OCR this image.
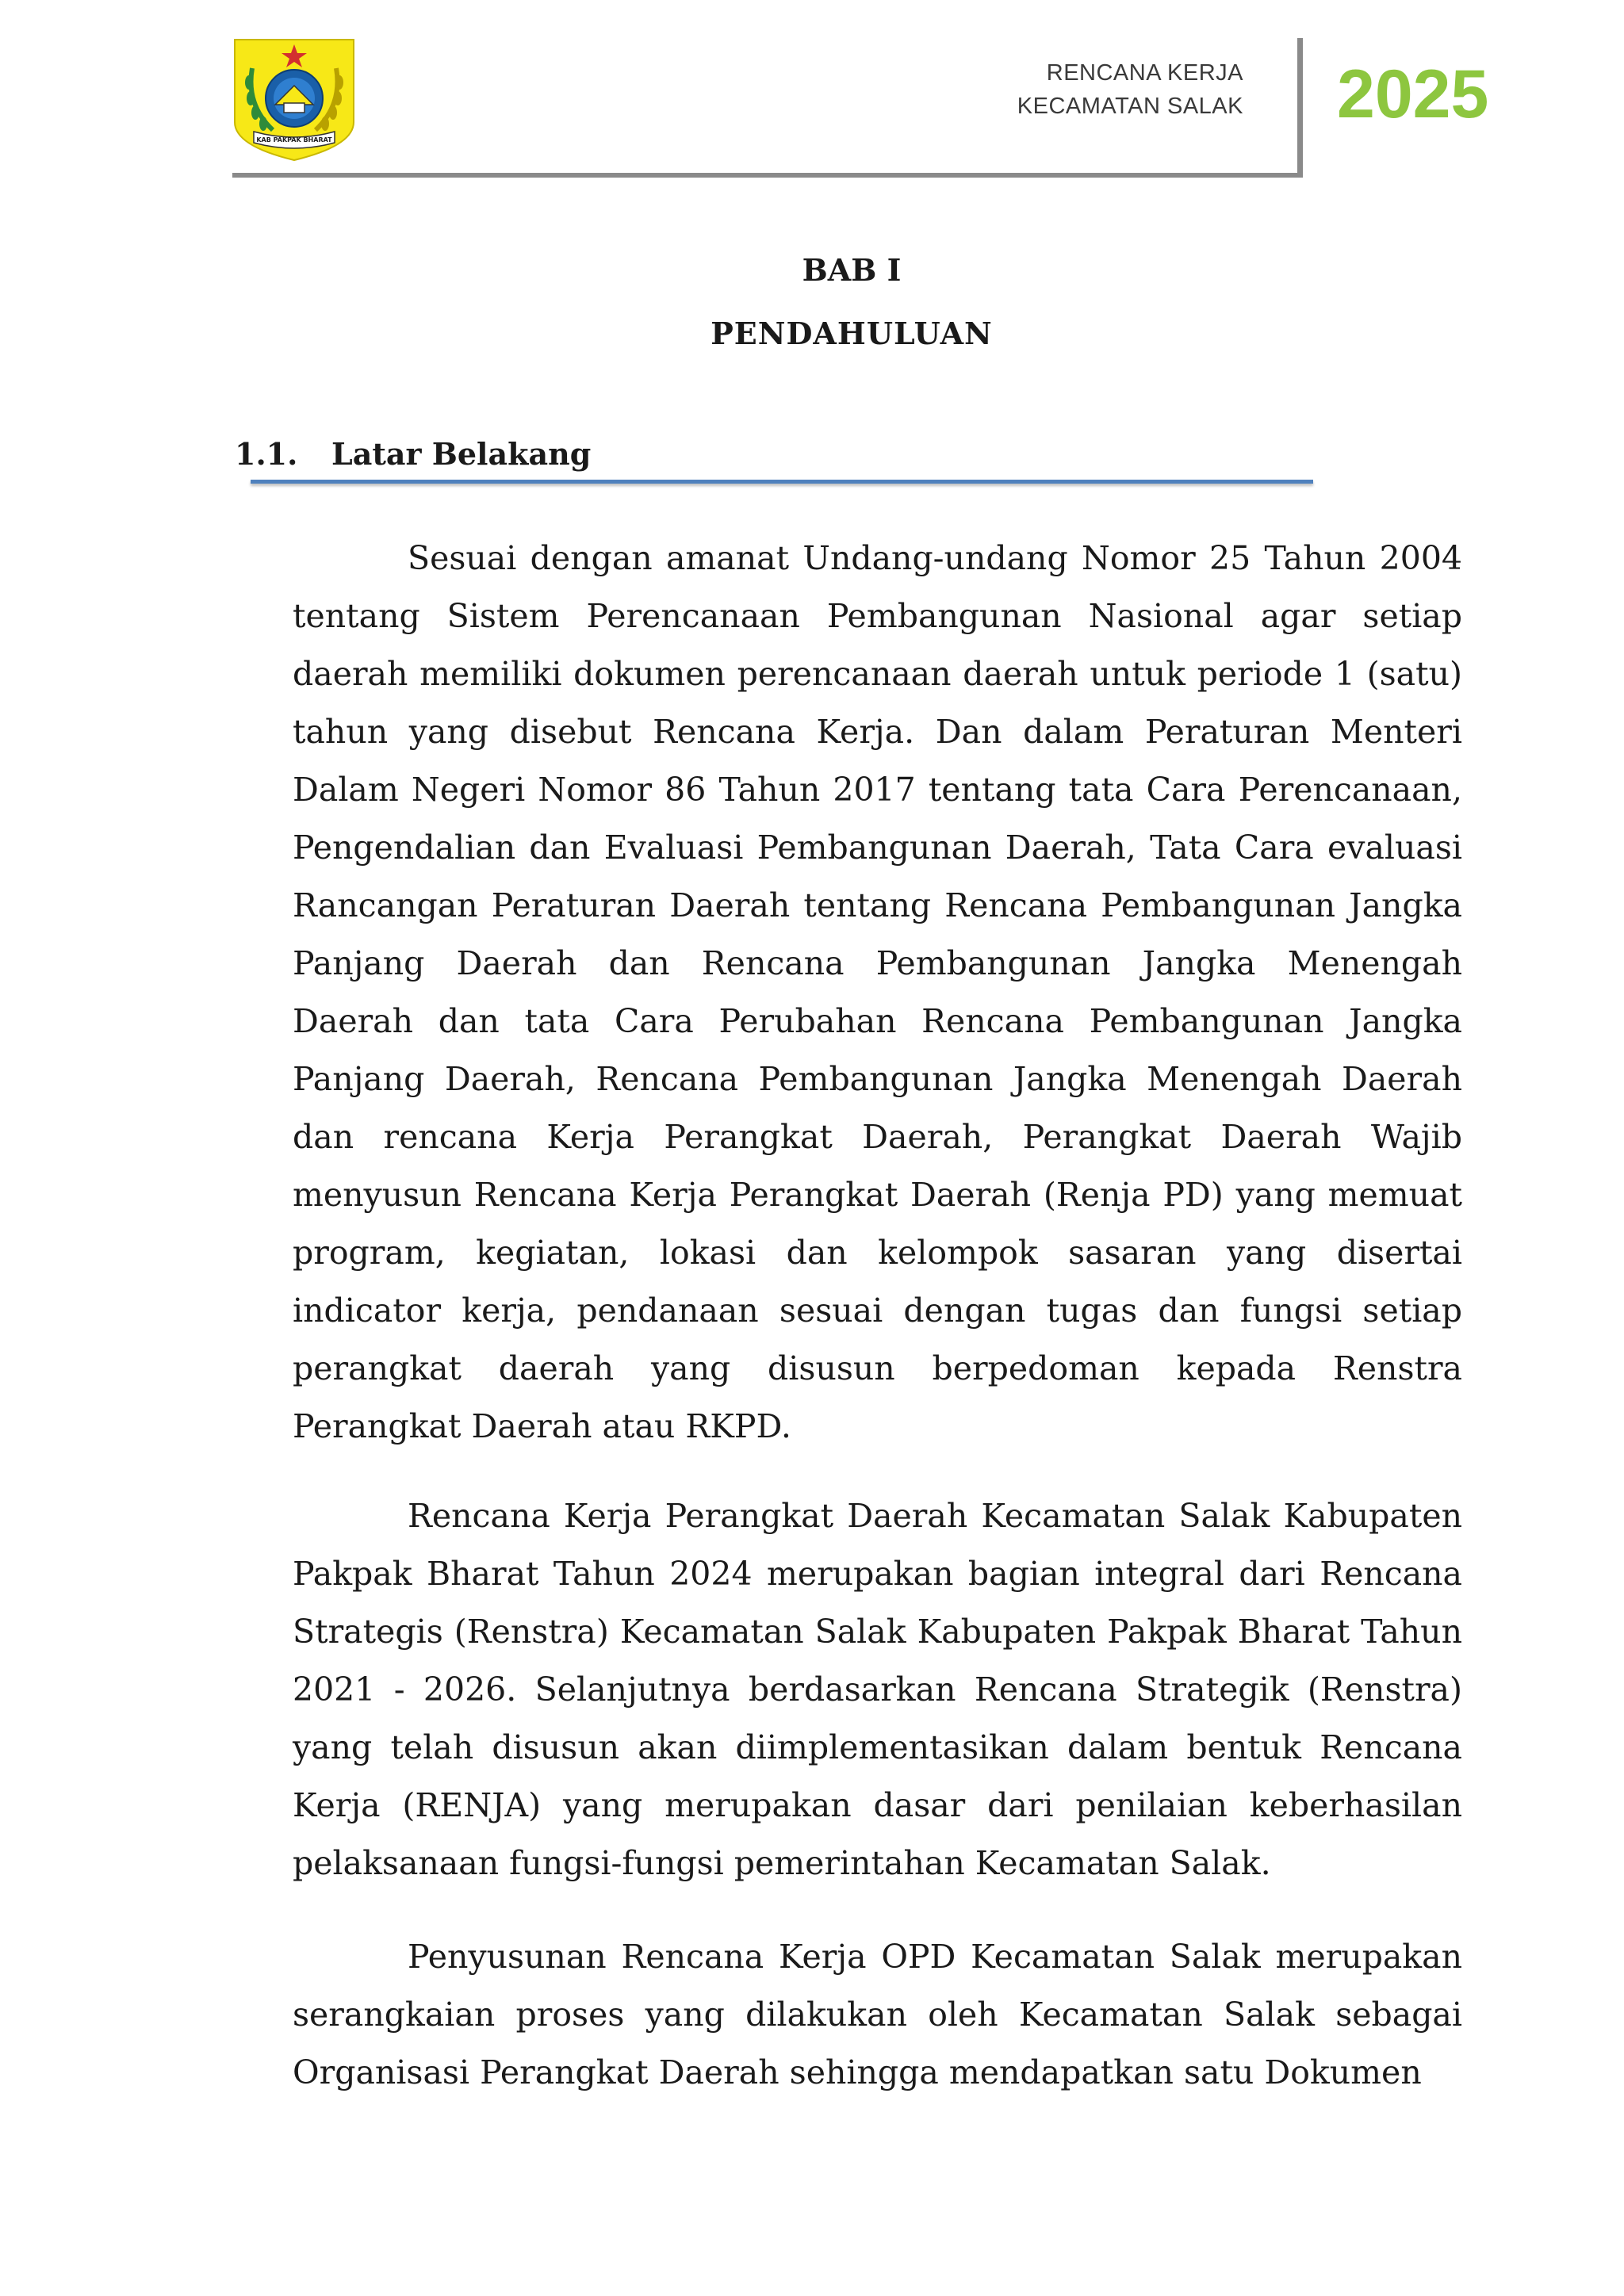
KAB PAKPAK BHARAT
RENCANA KERJA
KECAMATAN SALAK 2025
BAB I
PENDAHULUAN
1.1. Latar Belakang

Sesuai dengan amanat Undang-undang Nomor 25 Tahun 2004 tentang Sistem Perencanaan Pembangunan Nasional agar setiap daerah memiliki dokumen perencanaan daerah untuk periode 1 (satu) tahun yang disebut Rencana Kerja. Dan dalam Peraturan Menteri Dalam Negeri Nomor 86 Tahun 2017 tentang tata Cara Perencanaan, Pengendalian dan Evaluasi Pembangunan Daerah, Tata Cara evaluasi Rancangan Peraturan Daerah tentang Rencana Pembangunan Jangka Panjang Daerah dan Rencana Pembangunan Jangka Menengah Daerah dan tata Cara Perubahan Rencana Pembangunan Jangka Panjang Daerah, Rencana Pembangunan Jangka Menengah Daerah dan rencana Kerja Perangkat Daerah, Perangkat Daerah Wajib menyusun Rencana Kerja Perangkat Daerah (Renja PD) yang memuat program, kegiatan, lokasi dan kelompok sasaran yang disertai indicator kerja, pendanaan sesuai dengan tugas dan fungsi setiap perangkat daerah yang disusun berpedoman kepada Renstra Perangkat Daerah atau RKPD.

Rencana Kerja Perangkat Daerah Kecamatan Salak Kabupaten Pakpak Bharat Tahun 2024 merupakan bagian integral dari Rencana Strategis (Renstra) Kecamatan Salak Kabupaten Pakpak Bharat Tahun 2021 - 2026. Selanjutnya berdasarkan Rencana Strategik (Renstra) yang telah disusun akan diimplementasikan dalam bentuk Rencana Kerja (RENJA) yang merupakan dasar dari penilaian keberhasilan pelaksanaan fungsi-fungsi pemerintahan Kecamatan Salak.

Penyusunan Rencana Kerja OPD Kecamatan Salak merupakan serangkaian proses yang dilakukan oleh Kecamatan Salak sebagai Organisasi Perangkat Daerah sehingga mendapatkan satu Dokumen
